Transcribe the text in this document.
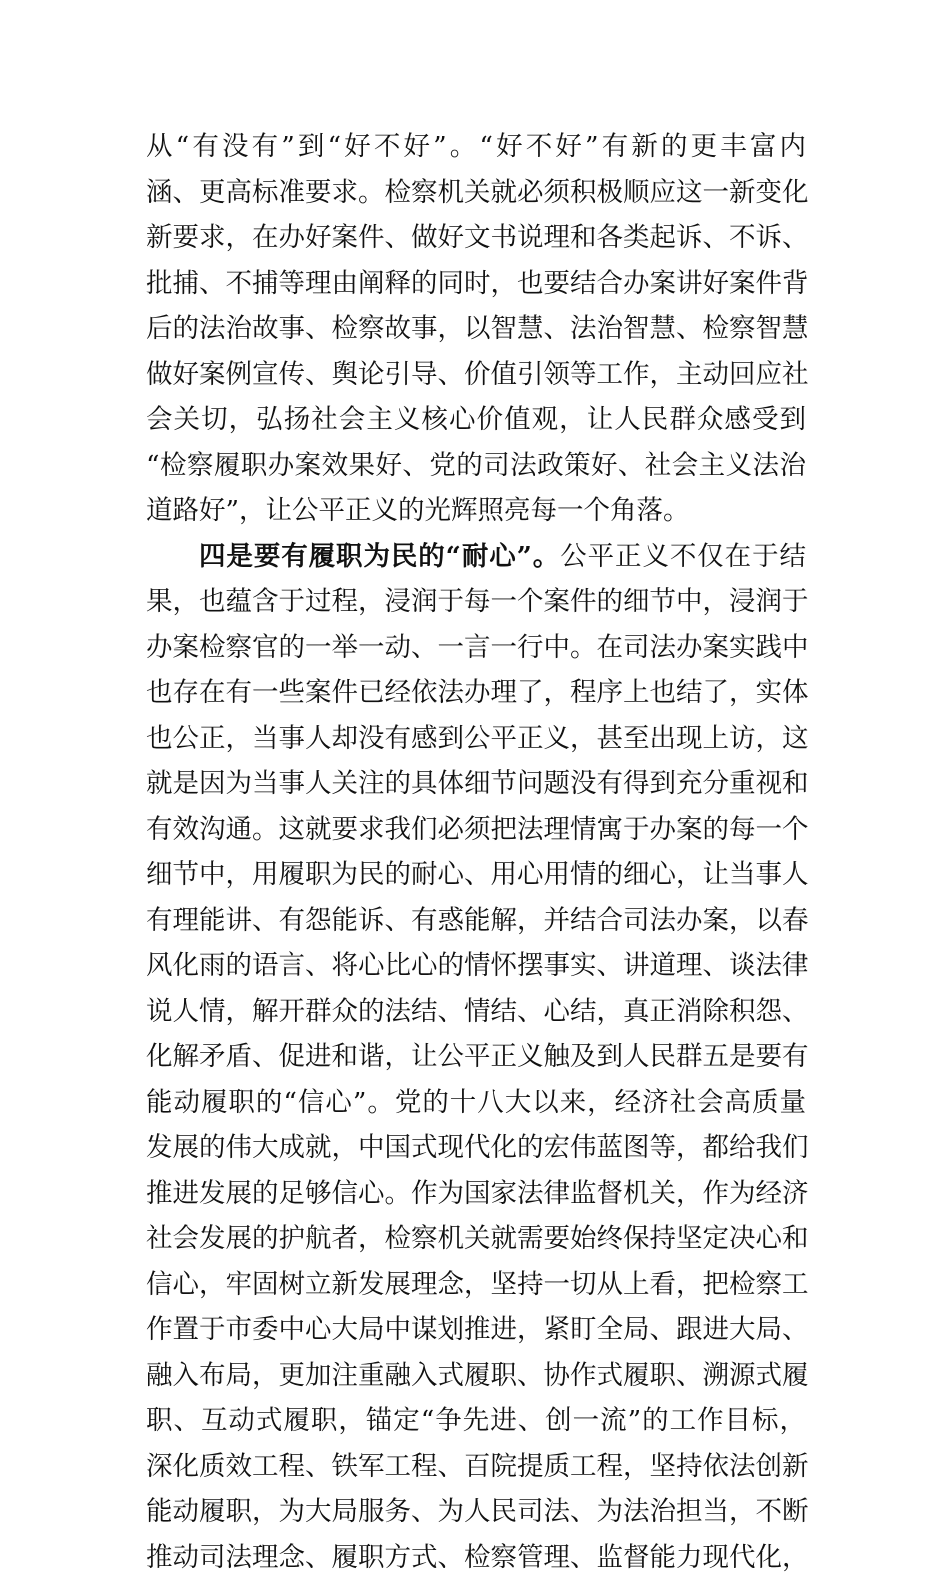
从“有没有”到“好不好”。“好不好”有新的更丰富内
涵、更高标准要求。检察机关就必须积极顺应这一新变化
新要求，在办好案件、做好文书说理和各类起诉、不诉、
批捕、不捕等理由阐释的同时，也要结合办案讲好案件背
后的法治故事、检察故事，以智慧、法治智慧、检察智慧
做好案例宣传、舆论引导、价值引领等工作，主动回应社
会关切，弘扬社会主义核心价值观，让人民群众感受到
“检察履职办案效果好、党的司法政策好、社会主义法治
道路好”，让公平正义的光辉照亮每一个角落。
四是要有履职为民的“耐心”。公平正义不仅在于结
果，也蕴含于过程，浸润于每一个案件的细节中，浸润于
办案检察官的一举一动、一言一行中。在司法办案实践中
也存在有一些案件已经依法办理了，程序上也结了，实体
也公正，当事人却没有感到公平正义，甚至出现上访，这
就是因为当事人关注的具体细节问题没有得到充分重视和
有效沟通。这就要求我们必须把法理情寓于办案的每一个
细节中，用履职为民的耐心、用心用情的细心，让当事人
有理能讲、有怨能诉、有惑能解，并结合司法办案，以春
风化雨的语言、将心比心的情怀摆事实、讲道理、谈法律
说人情，解开群众的法结、情结、心结，真正消除积怨、
化解矛盾、促进和谐，让公平正义触及到人民群五是要有
能动履职的“信心”。党的十八大以来，经济社会高质量
发展的伟大成就，中国式现代化的宏伟蓝图等，都给我们
推进发展的足够信心。作为国家法律监督机关，作为经济
社会发展的护航者，检察机关就需要始终保持坚定决心和
信心，牢固树立新发展理念，坚持一切从上看，把检察工
作置于市委中心大局中谋划推进，紧盯全局、跟进大局、
融入布局，更加注重融入式履职、协作式履职、溯源式履
职、互动式履职，锚定“争先进、创一流”的工作目标，
深化质效工程、铁军工程、百院提质工程，坚持依法创新
能动履职，为大局服务、为人民司法、为法治担当，不断
推动司法理念、履职方式、检察管理、监督能力现代化，
